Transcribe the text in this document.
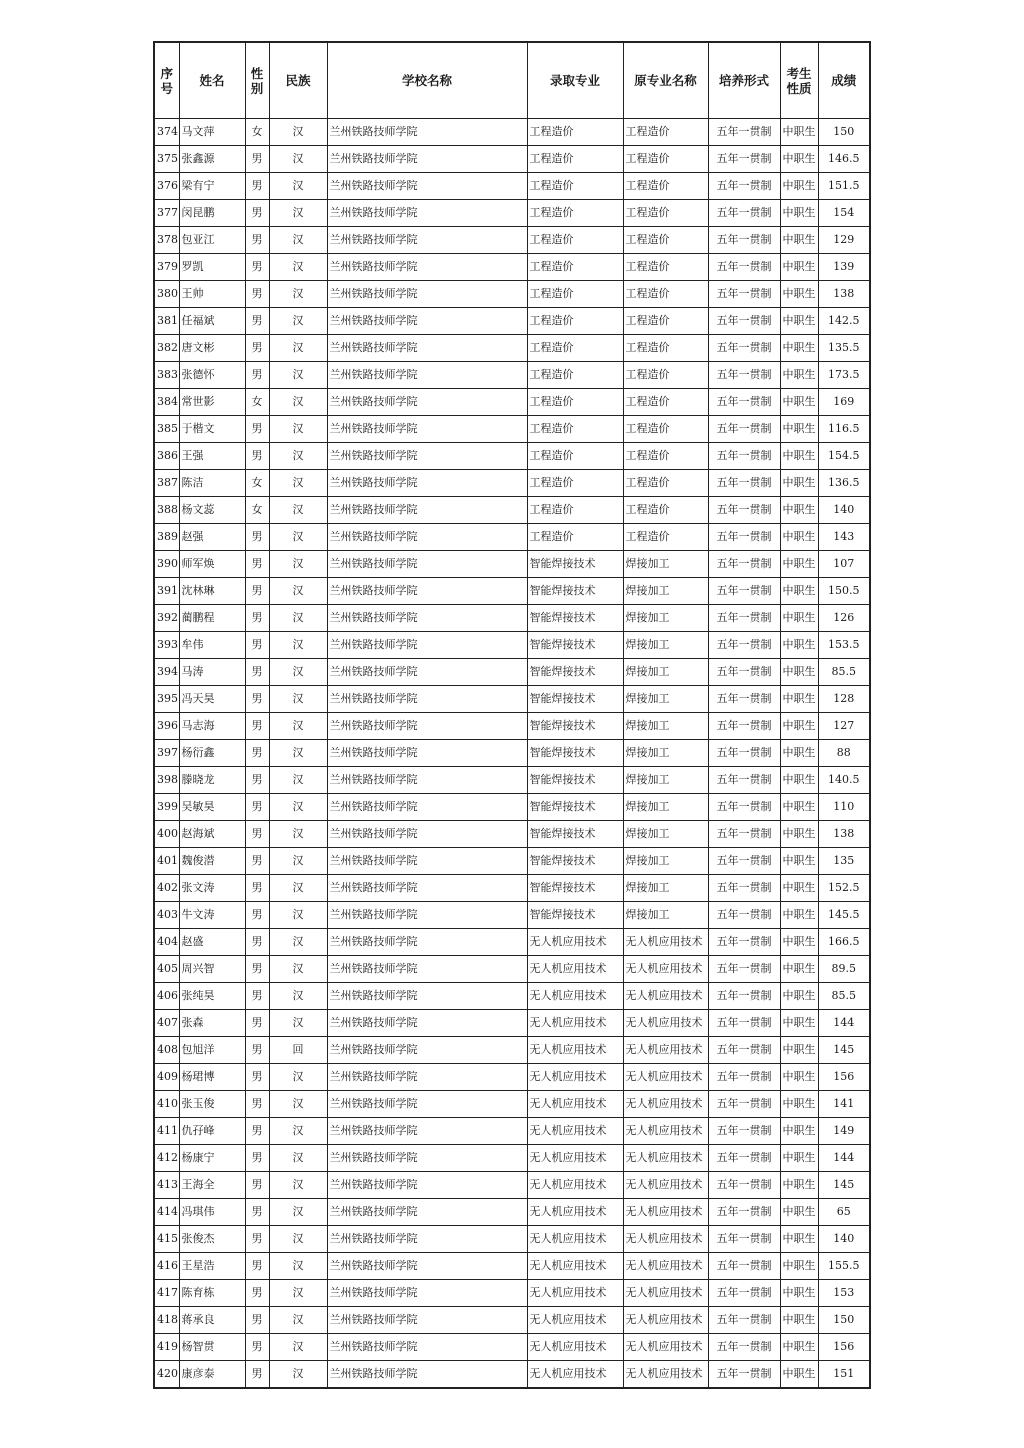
序号	姓名	性别	民族	学校名称	录取专业	原专业名称	培养形式	考生性质	成绩
374	马文萍	女	汉	兰州铁路技师学院	工程造价	工程造价	五年一贯制	中职生	150
375	张鑫源	男	汉	兰州铁路技师学院	工程造价	工程造价	五年一贯制	中职生	146.5
376	梁有宁	男	汉	兰州铁路技师学院	工程造价	工程造价	五年一贯制	中职生	151.5
377	闵昆鹏	男	汉	兰州铁路技师学院	工程造价	工程造价	五年一贯制	中职生	154
378	包亚江	男	汉	兰州铁路技师学院	工程造价	工程造价	五年一贯制	中职生	129
379	罗凯	男	汉	兰州铁路技师学院	工程造价	工程造价	五年一贯制	中职生	139
380	王帅	男	汉	兰州铁路技师学院	工程造价	工程造价	五年一贯制	中职生	138
381	任福斌	男	汉	兰州铁路技师学院	工程造价	工程造价	五年一贯制	中职生	142.5
382	唐文彬	男	汉	兰州铁路技师学院	工程造价	工程造价	五年一贯制	中职生	135.5
383	张德怀	男	汉	兰州铁路技师学院	工程造价	工程造价	五年一贯制	中职生	173.5
384	常世影	女	汉	兰州铁路技师学院	工程造价	工程造价	五年一贯制	中职生	169
385	于楷文	男	汉	兰州铁路技师学院	工程造价	工程造价	五年一贯制	中职生	116.5
386	王强	男	汉	兰州铁路技师学院	工程造价	工程造价	五年一贯制	中职生	154.5
387	陈洁	女	汉	兰州铁路技师学院	工程造价	工程造价	五年一贯制	中职生	136.5
388	杨文蕊	女	汉	兰州铁路技师学院	工程造价	工程造价	五年一贯制	中职生	140
389	赵强	男	汉	兰州铁路技师学院	工程造价	工程造价	五年一贯制	中职生	143
390	师军焕	男	汉	兰州铁路技师学院	智能焊接技术	焊接加工	五年一贯制	中职生	107
391	沈林琳	男	汉	兰州铁路技师学院	智能焊接技术	焊接加工	五年一贯制	中职生	150.5
392	蔺鹏程	男	汉	兰州铁路技师学院	智能焊接技术	焊接加工	五年一贯制	中职生	126
393	牟伟	男	汉	兰州铁路技师学院	智能焊接技术	焊接加工	五年一贯制	中职生	153.5
394	马涛	男	汉	兰州铁路技师学院	智能焊接技术	焊接加工	五年一贯制	中职生	85.5
395	冯天昊	男	汉	兰州铁路技师学院	智能焊接技术	焊接加工	五年一贯制	中职生	128
396	马志海	男	汉	兰州铁路技师学院	智能焊接技术	焊接加工	五年一贯制	中职生	127
397	杨衍鑫	男	汉	兰州铁路技师学院	智能焊接技术	焊接加工	五年一贯制	中职生	88
398	滕晓龙	男	汉	兰州铁路技师学院	智能焊接技术	焊接加工	五年一贯制	中职生	140.5
399	吴敏昊	男	汉	兰州铁路技师学院	智能焊接技术	焊接加工	五年一贯制	中职生	110
400	赵海斌	男	汉	兰州铁路技师学院	智能焊接技术	焊接加工	五年一贯制	中职生	138
401	魏俊潜	男	汉	兰州铁路技师学院	智能焊接技术	焊接加工	五年一贯制	中职生	135
402	张文涛	男	汉	兰州铁路技师学院	智能焊接技术	焊接加工	五年一贯制	中职生	152.5
403	牛文涛	男	汉	兰州铁路技师学院	智能焊接技术	焊接加工	五年一贯制	中职生	145.5
404	赵盛	男	汉	兰州铁路技师学院	无人机应用技术	无人机应用技术	五年一贯制	中职生	166.5
405	周兴智	男	汉	兰州铁路技师学院	无人机应用技术	无人机应用技术	五年一贯制	中职生	89.5
406	张纯昊	男	汉	兰州铁路技师学院	无人机应用技术	无人机应用技术	五年一贯制	中职生	85.5
407	张森	男	汉	兰州铁路技师学院	无人机应用技术	无人机应用技术	五年一贯制	中职生	144
408	包旭洋	男	回	兰州铁路技师学院	无人机应用技术	无人机应用技术	五年一贯制	中职生	145
409	杨珺博	男	汉	兰州铁路技师学院	无人机应用技术	无人机应用技术	五年一贯制	中职生	156
410	张玉俊	男	汉	兰州铁路技师学院	无人机应用技术	无人机应用技术	五年一贯制	中职生	141
411	仇孖峰	男	汉	兰州铁路技师学院	无人机应用技术	无人机应用技术	五年一贯制	中职生	149
412	杨康宁	男	汉	兰州铁路技师学院	无人机应用技术	无人机应用技术	五年一贯制	中职生	144
413	王海全	男	汉	兰州铁路技师学院	无人机应用技术	无人机应用技术	五年一贯制	中职生	145
414	冯琪伟	男	汉	兰州铁路技师学院	无人机应用技术	无人机应用技术	五年一贯制	中职生	65
415	张俊杰	男	汉	兰州铁路技师学院	无人机应用技术	无人机应用技术	五年一贯制	中职生	140
416	王星浩	男	汉	兰州铁路技师学院	无人机应用技术	无人机应用技术	五年一贯制	中职生	155.5
417	陈育栋	男	汉	兰州铁路技师学院	无人机应用技术	无人机应用技术	五年一贯制	中职生	153
418	蒋承良	男	汉	兰州铁路技师学院	无人机应用技术	无人机应用技术	五年一贯制	中职生	150
419	杨智贯	男	汉	兰州铁路技师学院	无人机应用技术	无人机应用技术	五年一贯制	中职生	156
420	康彦泰	男	汉	兰州铁路技师学院	无人机应用技术	无人机应用技术	五年一贯制	中职生	151
